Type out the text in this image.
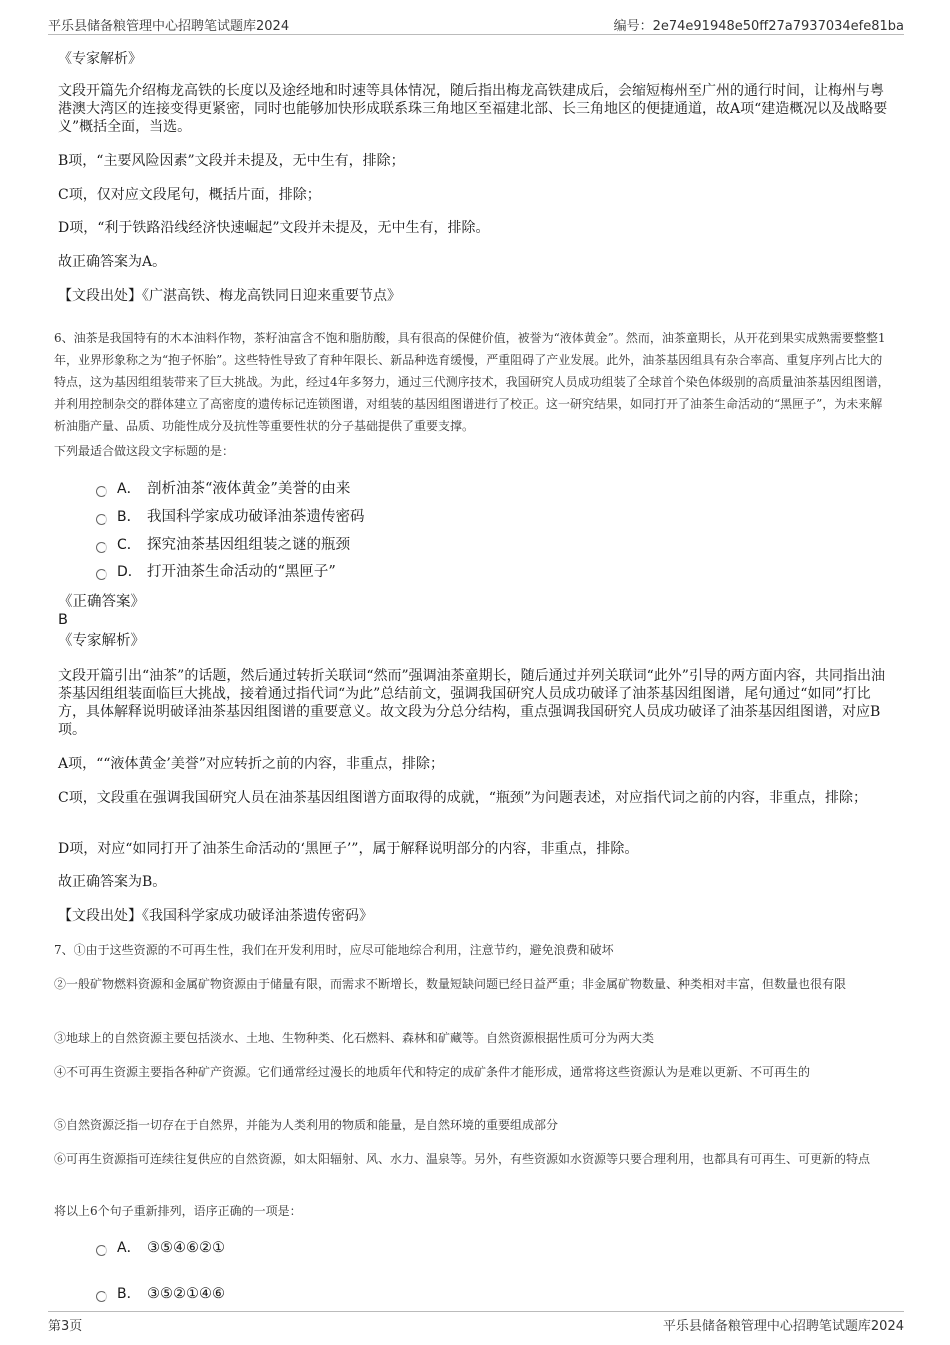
平乐县储备粮管理中心招聘笔试题库2024	编号：2e74e91948e50ff27a7937034efe81ba

《专家解析》

文段开篇先介绍梅龙高铁的长度以及途经地和时速等具体情况，随后指出梅龙高铁建成后，会缩短梅州至广州的通行时间，让梅州与粤港澳大湾区的连接变得更紧密，同时也能够加快形成联系珠三角地区至福建北部、长三角地区的便捷通道，故A项“建造概况以及战略要义”概括全面，当选。

B项，“主要风险因素”文段并未提及，无中生有，排除；

C项，仅对应文段尾句，概括片面，排除；

D项，“利于铁路沿线经济快速崛起”文段并未提及，无中生有，排除。

故正确答案为A。

【文段出处】《广湛高铁、梅龙高铁同日迎来重要节点》

6、油茶是我国特有的木本油料作物，茶籽油富含不饱和脂肪酸，具有很高的保健价值，被誉为“液体黄金”。然而，油茶童期长，从开花到果实成熟需要整整1年，业界形象称之为“抱子怀胎”。这些特性导致了育种年限长、新品种选育缓慢，严重阻碍了产业发展。此外，油茶基因组具有杂合率高、重复序列占比大的特点，这为基因组组装带来了巨大挑战。为此，经过4年多努力，通过三代测序技术，我国研究人员成功组装了全球首个染色体级别的高质量油茶基因组图谱，并利用控制杂交的群体建立了高密度的遗传标记连锁图谱，对组装的基因组图谱进行了校正。这一研究结果，如同打开了油茶生命活动的“黑匣子”，为未来解析油脂产量、品质、功能性成分及抗性等重要性状的分子基础提供了重要支撑。

下列最适合做这段文字标题的是：

A． 剖析油茶“液体黄金”美誉的由来
B． 我国科学家成功破译油茶遗传密码
C． 探究油茶基因组组装之谜的瓶颈
D． 打开油茶生命活动的“黑匣子”

《正确答案》

B

《专家解析》

文段开篇引出“油茶”的话题，然后通过转折关联词“然而”强调油茶童期长，随后通过并列关联词“此外”引导的两方面内容，共同指出油茶基因组组装面临巨大挑战，接着通过指代词“为此”总结前文，强调我国研究人员成功破译了油茶基因组图谱，尾句通过“如同”打比方，具体解释说明破译油茶基因组图谱的重要意义。故文段为分总分结构，重点强调我国研究人员成功破译了油茶基因组图谱，对应B项。

A项，““液体黄金’美誉”对应转折之前的内容，非重点，排除；

C项，文段重在强调我国研究人员在油茶基因组图谱方面取得的成就，“瓶颈”为问题表述，对应指代词之前的内容，非重点，排除；

D项，对应“如同打开了油茶生命活动的‘黑匣子’”，属于解释说明部分的内容，非重点，排除。

故正确答案为B。

【文段出处】《我国科学家成功破译油茶遗传密码》

7、①由于这些资源的不可再生性，我们在开发利用时，应尽可能地综合利用，注意节约，避免浪费和破坏

②一般矿物燃料资源和金属矿物资源由于储量有限，而需求不断增长，数量短缺问题已经日益严重；非金属矿物数量、种类相对丰富，但数量也很有限

③地球上的自然资源主要包括淡水、土地、生物种类、化石燃料、森林和矿藏等。自然资源根据性质可分为两大类

④不可再生资源主要指各种矿产资源。它们通常经过漫长的地质年代和特定的成矿条件才能形成，通常将这些资源认为是难以更新、不可再生的

⑤自然资源泛指一切存在于自然界，并能为人类利用的物质和能量，是自然环境的重要组成部分

⑥可再生资源指可连续往复供应的自然资源，如太阳辐射、风、水力、温泉等。另外，有些资源如水资源等只要合理利用，也都具有可再生、可更新的特点

将以上6个句子重新排列，语序正确的一项是：

A． ③⑤④⑥②①
B． ③⑤②①④⑥
第3页	平乐县储备粮管理中心招聘笔试题库2024
